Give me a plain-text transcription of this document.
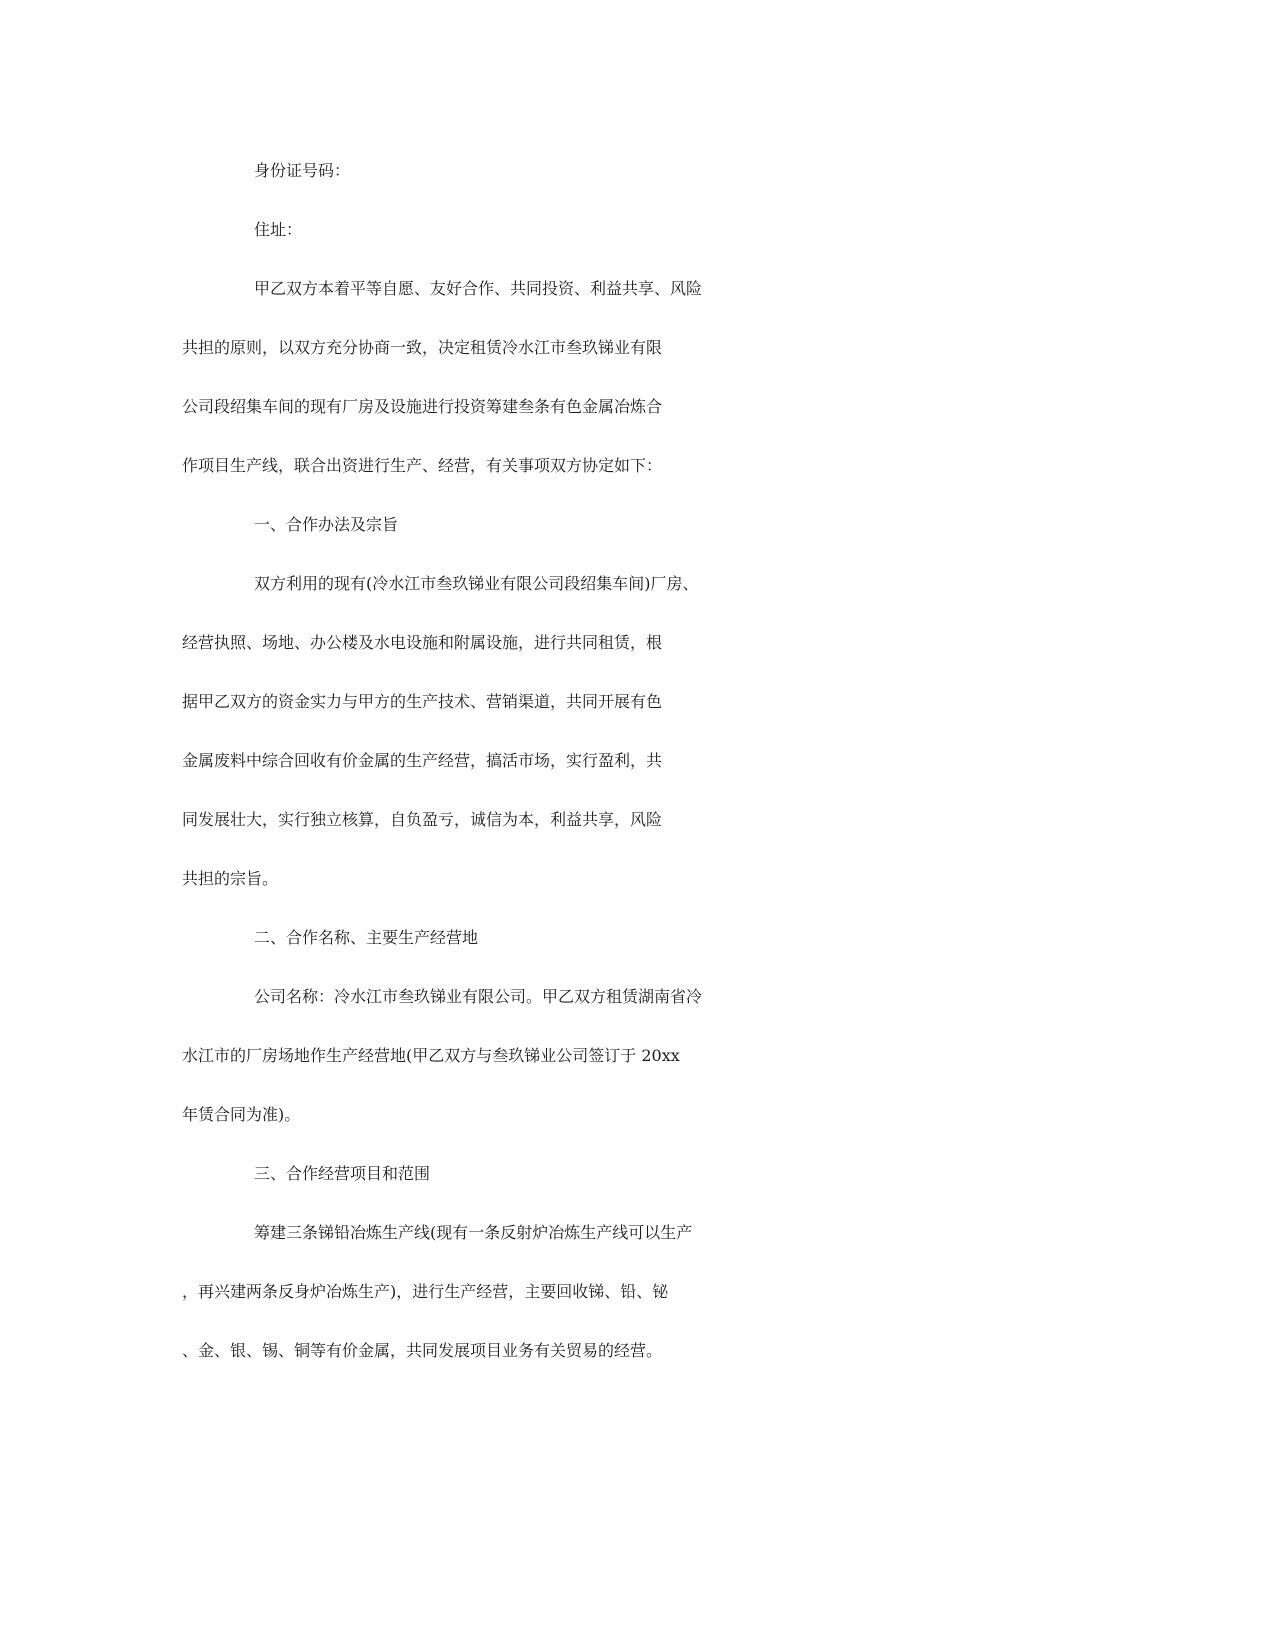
身份证号码：
住址：
甲乙双方本着平等自愿、友好合作、共同投资、利益共享、风险
共担的原则，以双方充分协商一致，决定租赁冷水江市叁玖锑业有限
公司段绍集车间的现有厂房及设施进行投资筹建叁条有色金属冶炼合
作项目生产线，联合出资进行生产、经营，有关事项双方协定如下：
一、合作办法及宗旨
双方利用的现有(冷水江市叁玖锑业有限公司段绍集车间)厂房、
经营执照、场地、办公楼及水电设施和附属设施，进行共同租赁，根
据甲乙双方的资金实力与甲方的生产技术、营销渠道，共同开展有色
金属废料中综合回收有价金属的生产经营，搞活市场，实行盈利，共
同发展壮大，实行独立核算，自负盈亏，诚信为本，利益共享，风险
共担的宗旨。
二、合作名称、主要生产经营地
公司名称：冷水江市叁玖锑业有限公司。甲乙双方租赁湖南省冷
水江市的厂房场地作生产经营地(甲乙双方与叁玖锑业公司签订于 20xx
年赁合同为准)。
三、合作经营项目和范围
筹建三条锑铅冶炼生产线(现有一条反射炉冶炼生产线可以生产
，再兴建两条反身炉冶炼生产)，进行生产经营，主要回收锑、铅、铋
、金、银、锡、铜等有价金属，共同发展项目业务有关贸易的经营。
